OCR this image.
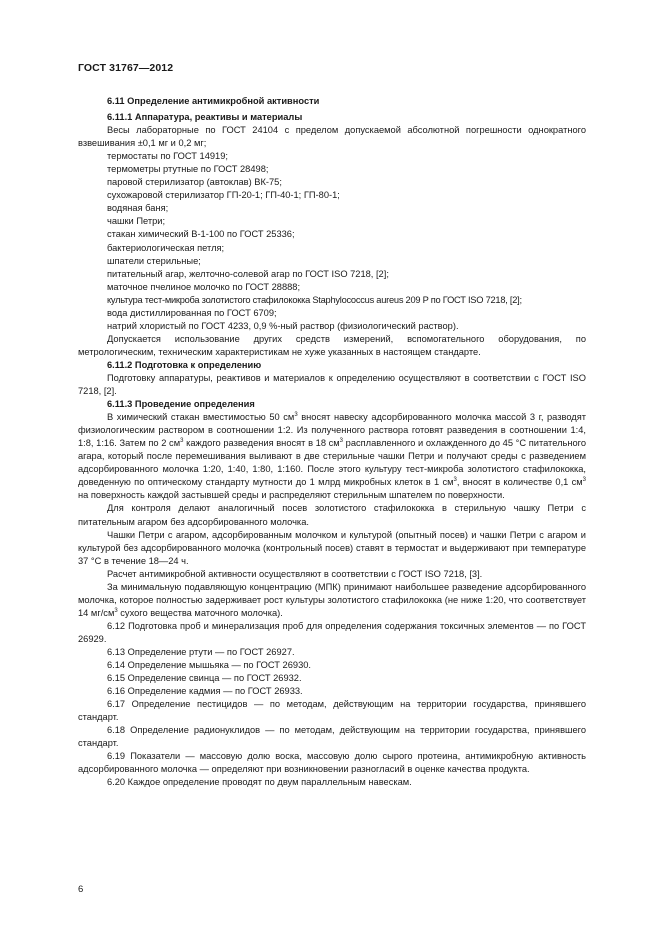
ГОСТ 31767—2012

6.11 Определение антимикробной активности

6.11.1 Аппаратура, реактивы и материалы

Весы лабораторные по ГОСТ 24104 с пределом допускаемой абсолютной погрешности однократного взвешивания ±0,1 мг и 0,2 мг;

термостаты по ГОСТ 14919;

термометры ртутные по ГОСТ 28498;

паровой стерилизатор (автоклав) ВК-75;

сухожаровой стерилизатор ГП-20-1; ГП-40-1; ГП-80-1;

водяная баня;

чашки Петри;

стакан химический В-1-100 по ГОСТ 25336;

бактериологическая петля;

шпатели стерильные;

питательный агар, желточно-солевой агар по ГОСТ ISO 7218, [2];

маточное пчелиное молочко по ГОСТ 28888;

культура тест-микроба золотистого стафилококка Staphylococcus aureus 209 P по ГОСТ ISO 7218, [2];

вода дистиллированная по ГОСТ 6709;

натрий хлористый по ГОСТ 4233, 0,9 %-ный раствор (физиологический раствор).

Допускается использование других средств измерений, вспомогательного оборудования, по метрологическим, техническим характеристикам не хуже указанных в настоящем стандарте.

6.11.2 Подготовка к определению

Подготовку аппаратуры, реактивов и материалов к определению осуществляют в соответствии с ГОСТ ISO 7218, [2].

6.11.3 Проведение определения

В химический стакан вместимостью 50 $см^3$ вносят навеску адсорбированного молочка массой 3 г, разводят физиологическим раствором в соотношении 1:2. Из полученного раствора готовят разведения в соотношении 1:4, 1:8, 1:16. Затем по 2 $см^3$ каждого разведения вносят в 18 $см^3$ расплавленного и охлажденного до 45 °С питательного агара, который после перемешивания выливают в две стерильные чашки Петри и получают среды с разведением адсорбированного молочка 1:20, 1:40, 1:80, 1:160. После этого культуру тест-микроба золотистого стафилококка, доведенную по оптическому стандарту мутности до 1 млрд микробных клеток в 1 $см^3$, вносят в количестве 0,1 $см^3$ на поверхность каждой застывшей среды и распределяют стерильным шпателем по поверхности.

Для контроля делают аналогичный посев золотистого стафилококка в стерильную чашку Петри с питательным агаром без адсорбированного молочка.

Чашки Петри с агаром, адсорбированным молочком и культурой (опытный посев) и чашки Петри с агаром и культурой без адсорбированного молочка (контрольный посев) ставят в термостат и выдерживают при температуре 37 °С в течение 18—24 ч.

Расчет антимикробной активности осуществляют в соответствии с ГОСТ ISO 7218, [3].

За минимальную подавляющую концентрацию (МПК) принимают наибольшее разведение адсорбированного молочка, которое полностью задерживает рост культуры золотистого стафилококка (не ниже 1:20, что соответствует 14 $мг/см^3$ сухого вещества маточного молочка).

6.12 Подготовка проб и минерализация проб для определения содержания токсичных элементов — по ГОСТ 26929.

6.13 Определение ртути — по ГОСТ 26927.

6.14 Определение мышьяка — по ГОСТ 26930.

6.15 Определение свинца — по ГОСТ 26932.

6.16 Определение кадмия — по ГОСТ 26933.

6.17 Определение пестицидов — по методам, действующим на территории государства, принявшего стандарт.

6.18 Определение радионуклидов — по методам, действующим на территории государства, принявшего стандарт.

6.19 Показатели — массовую долю воска, массовую долю сырого протеина, антимикробную активность адсорбированного молочка — определяют при возникновении разногласий в оценке качества продукта.

6.20 Каждое определение проводят по двум параллельным навескам.

6
